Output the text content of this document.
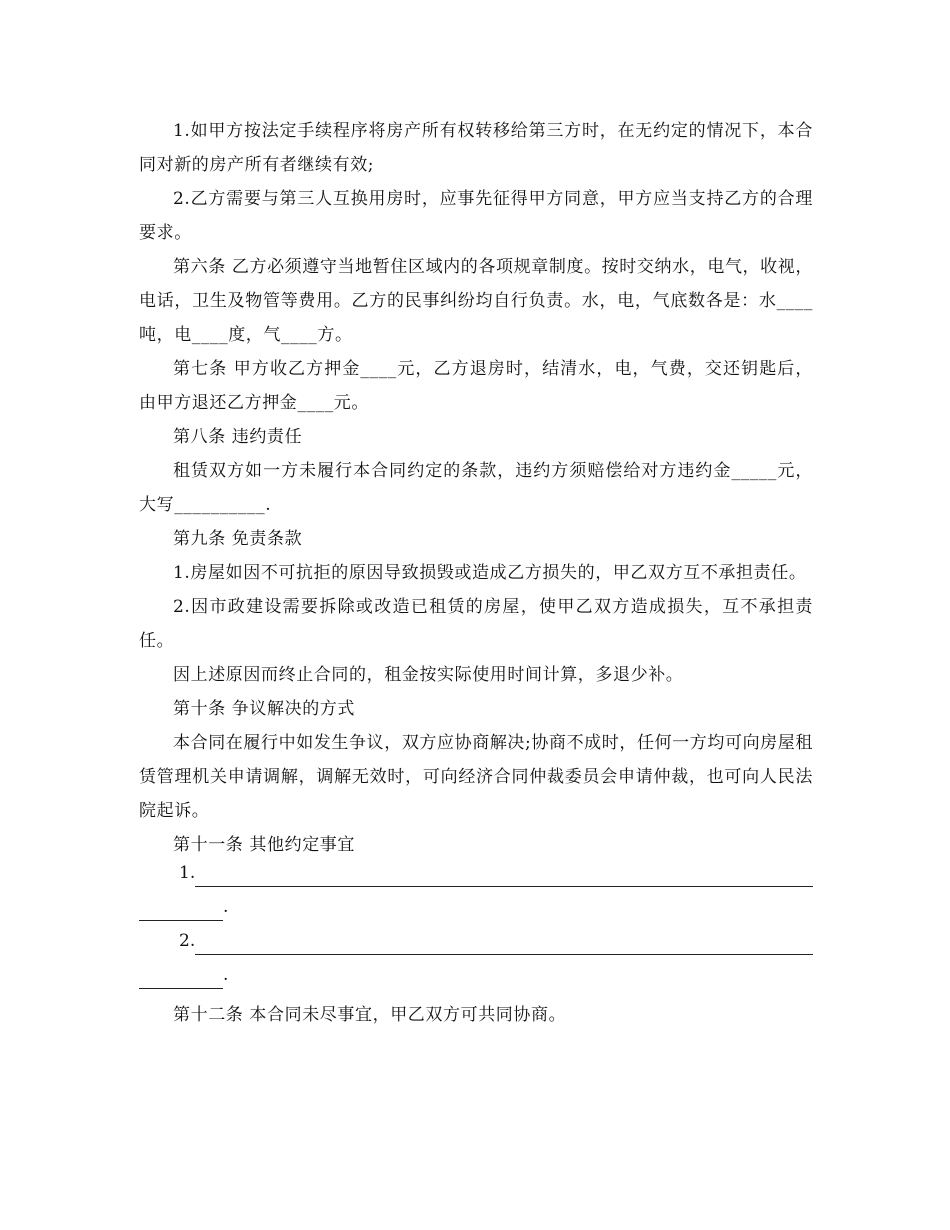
1.如甲方按法定手续程序将房产所有权转移给第三方时，在无约定的情况下，本合同对新的房产所有者继续有效;

2.乙方需要与第三人互换用房时，应事先征得甲方同意，甲方应当支持乙方的合理要求。

第六条 乙方必须遵守当地暂住区域内的各项规章制度。按时交纳水，电气，收视，电话，卫生及物管等费用。乙方的民事纠纷均自行负责。水，电，气底数各是：水____吨，电____度，气____方。

第七条 甲方收乙方押金____元，乙方退房时，结清水，电，气费，交还钥匙后，由甲方退还乙方押金____元。

第八条 违约责任

租赁双方如一方未履行本合同约定的条款，违约方须赔偿给对方违约金_____元，大写__________.

第九条 免责条款

1.房屋如因不可抗拒的原因导致损毁或造成乙方损失的，甲乙双方互不承担责任。

2.因市政建设需要拆除或改造已租赁的房屋，使甲乙双方造成损失，互不承担责任。

因上述原因而终止合同的，租金按实际使用时间计算，多退少补。

第十条 争议解决的方式

本合同在履行中如发生争议，双方应协商解决;协商不成时，任何一方均可向房屋租赁管理机关申请调解，调解无效时，可向经济合同仲裁委员会申请仲裁，也可向人民法院起诉。

第十一条 其他约定事宜

1.
.
2.
.

第十二条 本合同未尽事宜，甲乙双方可共同协商。
